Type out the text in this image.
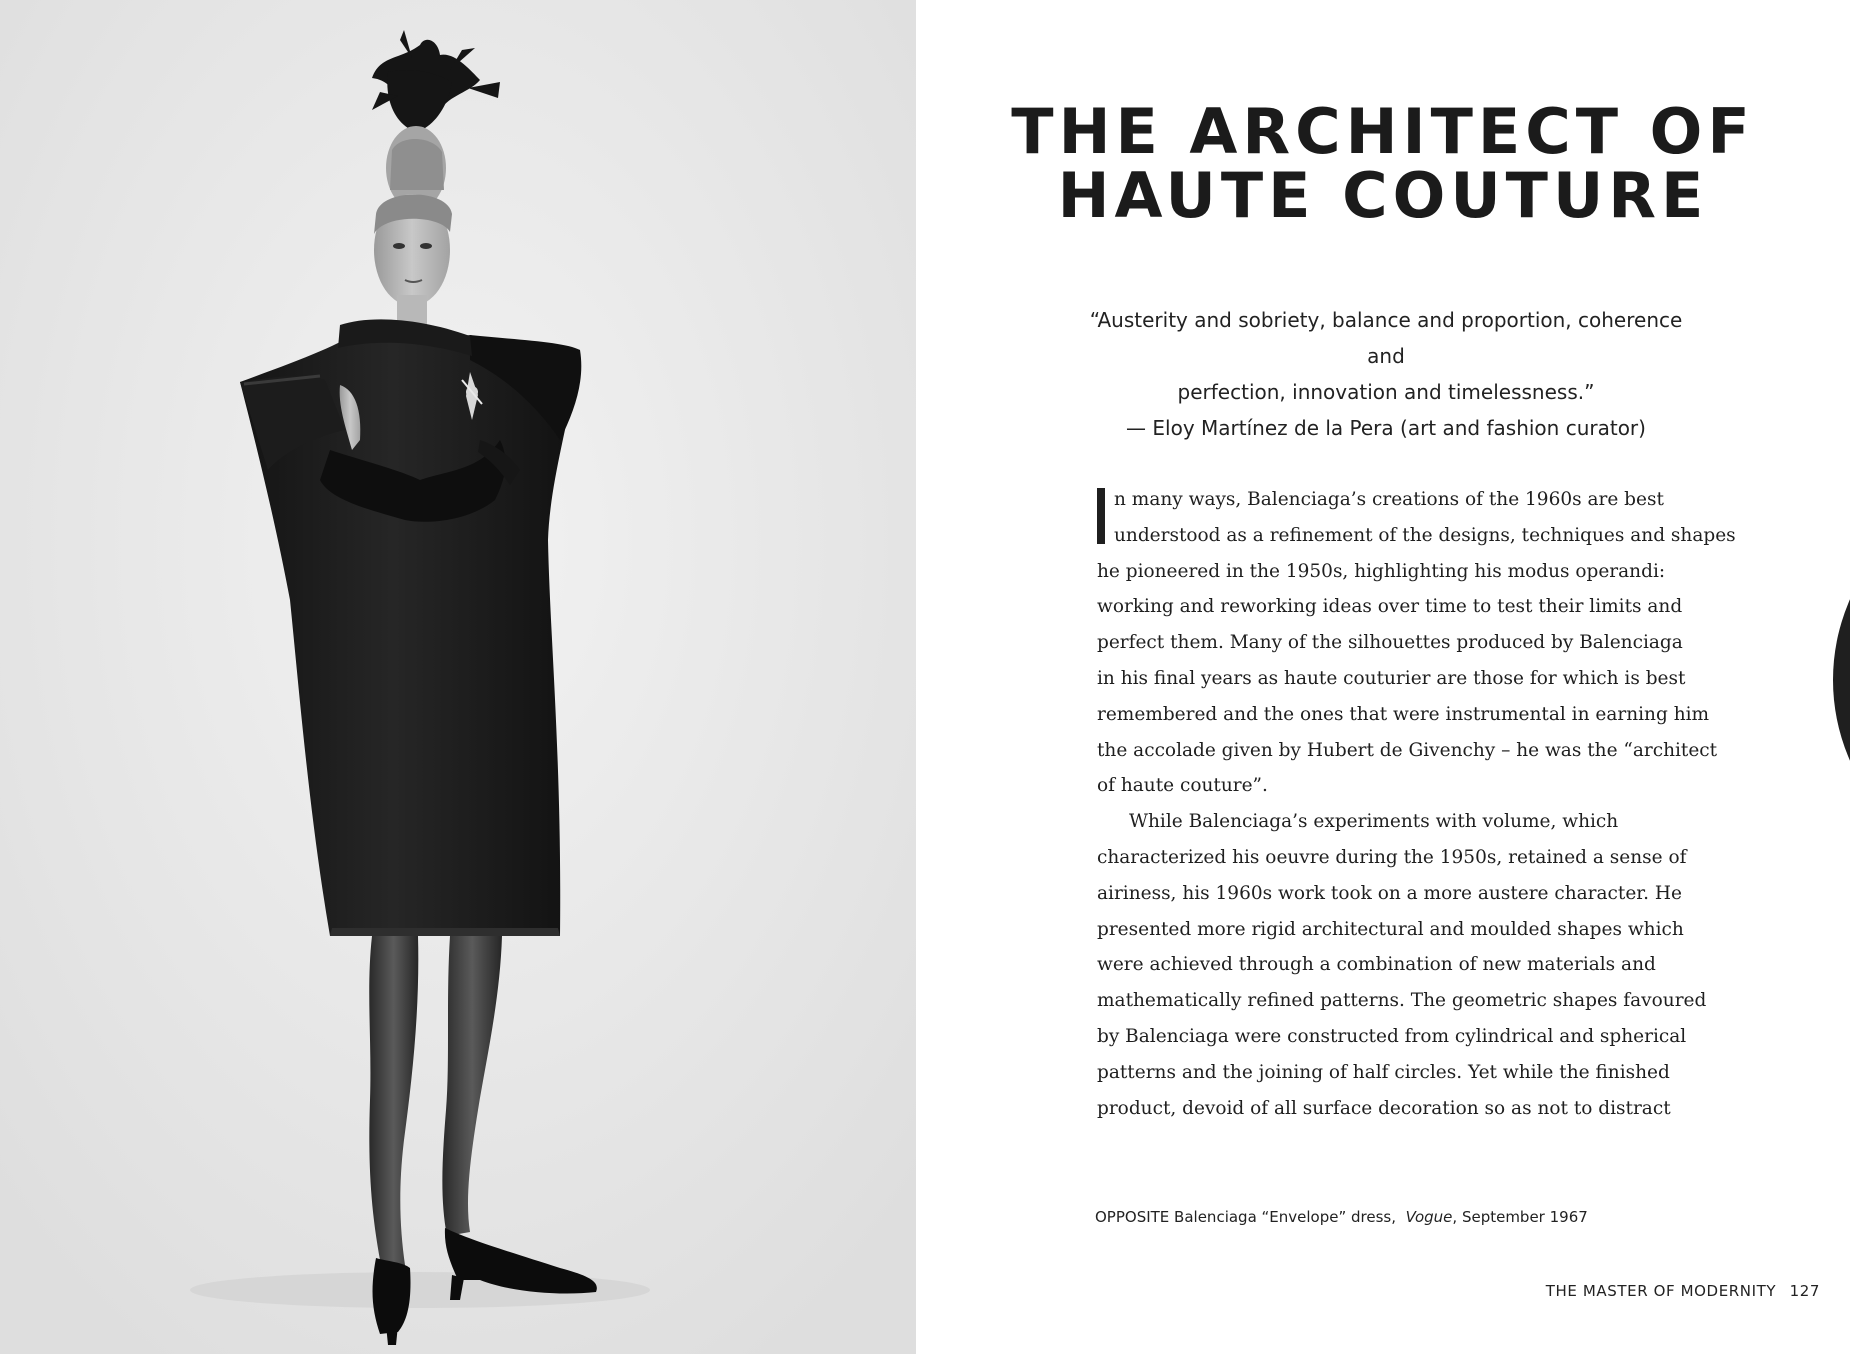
THE ARCHITECT OF
HAUTE COUTURE
“Austerity and sobriety, balance and proportion, coherence and
perfection, innovation and timelessness.”
— Eloy Martínez de la Pera (art and fashion curator)
n many ways, Balenciaga’s creations of the 1960s are best
understood as a refinement of the designs, techniques and shapes
he pioneered in the 1950s, highlighting his modus operandi:
working and reworking ideas over time to test their limits and
perfect them. Many of the silhouettes produced by Balenciaga
in his final years as haute couturier are those for which is best
remembered and the ones that were instrumental in earning him
the accolade given by Hubert de Givenchy – he was the “architect
of haute couture”.
While Balenciaga’s experiments with volume, which
characterized his oeuvre during the 1950s, retained a sense of
airiness, his 1960s work took on a more austere character. He
presented more rigid architectural and moulded shapes which
were achieved through a combination of new materials and
mathematically refined patterns. The geometric shapes favoured
by Balenciaga were constructed from cylindrical and spherical
patterns and the joining of half circles. Yet while the finished
product, devoid of all surface decoration so as not to distract
OPPOSITE Balenciaga “Envelope” dress, Vogue, September 1967
THE MASTER OF MODERNITY 127
